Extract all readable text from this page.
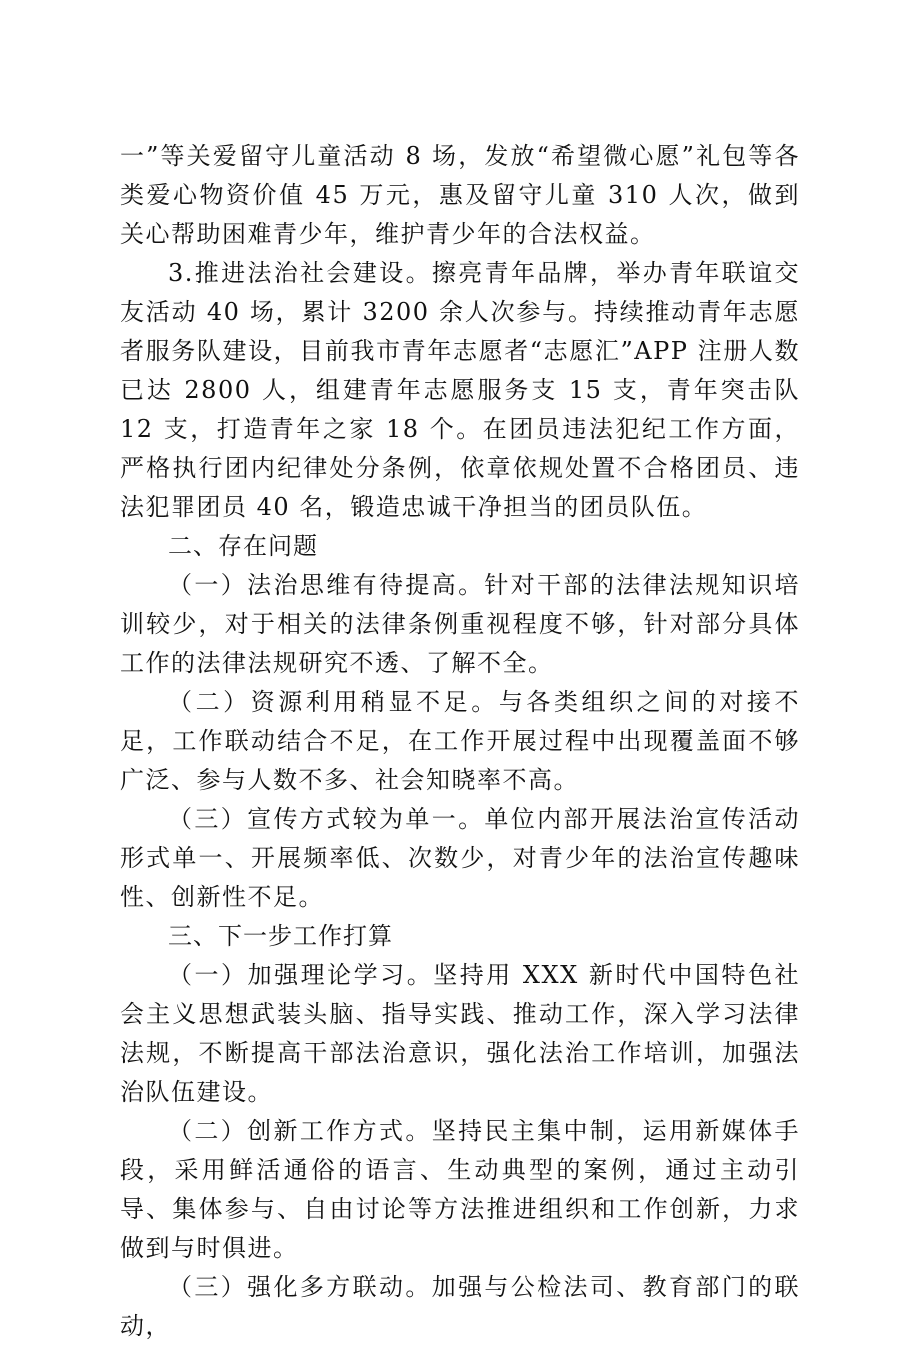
一”等关爱留守儿童活动 8 场，发放“希望微心愿”礼包等各类爱心物资价值 45 万元，惠及留守儿童 310 人次，做到关心帮助困难青少年，维护青少年的合法权益。

3.推进法治社会建设。擦亮青年品牌，举办青年联谊交友活动 40 场，累计 3200 余人次参与。持续推动青年志愿者服务队建设，目前我市青年志愿者“志愿汇”APP 注册人数已达 2800 人，组建青年志愿服务支 15 支，青年突击队 12 支，打造青年之家 18 个。在团员违法犯纪工作方面，严格执行团内纪律处分条例，依章依规处置不合格团员、违法犯罪团员 40 名，锻造忠诚干净担当的团员队伍。

二、存在问题

（一）法治思维有待提高。针对干部的法律法规知识培训较少，对于相关的法律条例重视程度不够，针对部分具体工作的法律法规研究不透、了解不全。

（二）资源利用稍显不足。与各类组织之间的对接不足，工作联动结合不足，在工作开展过程中出现覆盖面不够广泛、参与人数不多、社会知晓率不高。

（三）宣传方式较为单一。单位内部开展法治宣传活动形式单一、开展频率低、次数少，对青少年的法治宣传趣味性、创新性不足。

三、下一步工作打算

（一）加强理论学习。坚持用 XXX 新时代中国特色社会主义思想武装头脑、指导实践、推动工作，深入学习法律法规，不断提高干部法治意识，强化法治工作培训，加强法治队伍建设。

（二）创新工作方式。坚持民主集中制，运用新媒体手段，采用鲜活通俗的语言、生动典型的案例，通过主动引导、集体参与、自由讨论等方法推进组织和工作创新，力求做到与时俱进。

（三）强化多方联动。加强与公检法司、教育部门的联动，
